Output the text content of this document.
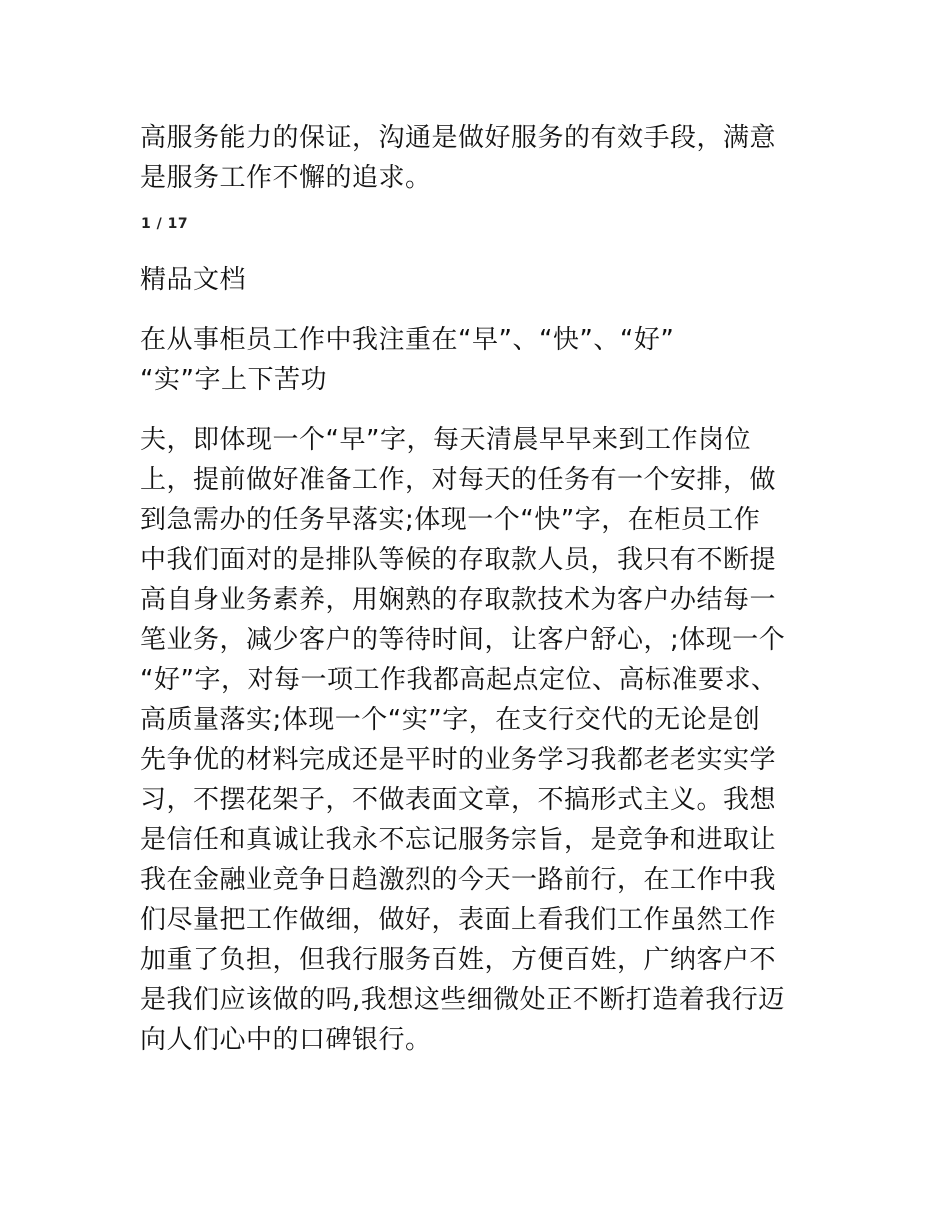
高服务能力的保证，沟通是做好服务的有效手段，满意
是服务工作不懈的追求。

1 / 17
精品文档

在从事柜员工作中我注重在“早”、“快”、“好”
“实”字上下苦功

夫，即体现一个“早”字，每天清晨早早来到工作岗位
上，提前做好准备工作，对每天的任务有一个安排，做
到急需办的任务早落实;体现一个“快”字，在柜员工作
中我们面对的是排队等候的存取款人员，我只有不断提
高自身业务素养，用娴熟的存取款技术为客户办结每一
笔业务，减少客户的等待时间，让客户舒心，;体现一个
“好”字，对每一项工作我都高起点定位、高标准要求、
高质量落实;体现一个“实”字，在支行交代的无论是创
先争优的材料完成还是平时的业务学习我都老老实实学
习，不摆花架子，不做表面文章，不搞形式主义。我想
是信任和真诚让我永不忘记服务宗旨，是竞争和进取让
我在金融业竞争日趋激烈的今天一路前行，在工作中我
们尽量把工作做细，做好，表面上看我们工作虽然工作
加重了负担，但我行服务百姓，方便百姓，广纳客户不
是我们应该做的吗,我想这些细微处正不断打造着我行迈
向人们心中的口碑银行。
